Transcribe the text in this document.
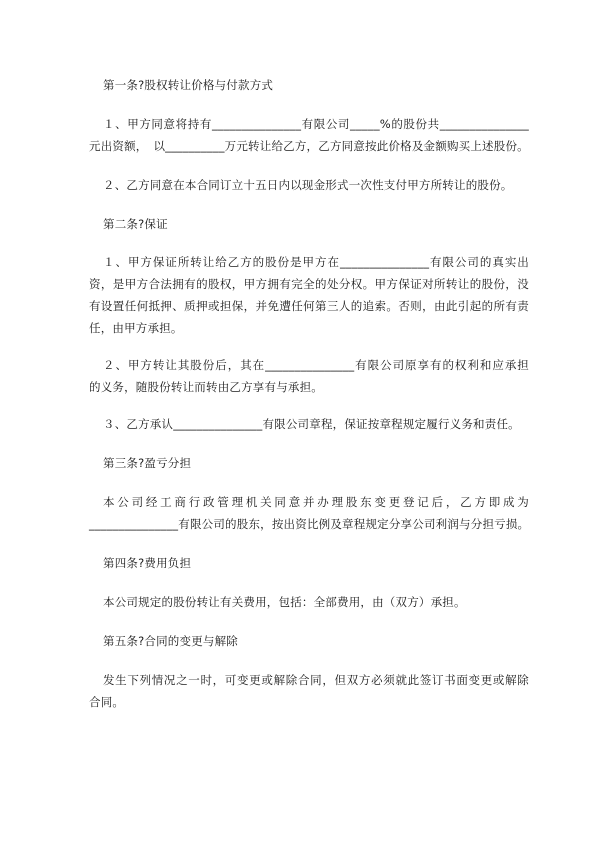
第一条?股权转让价格与付款方式
１、甲方同意将持有_______________有限公司_____%的股份共_______________
元出资额，　以__________万元转让给乙方，乙方同意按此价格及金额购买上述股份。
２、乙方同意在本合同订立十五日内以现金形式一次性支付甲方所转让的股份。
第二条?保证
１、甲方保证所转让给乙方的股份是甲方在_______________有限公司的真实出
资，是甲方合法拥有的股权，甲方拥有完全的处分权。甲方保证对所转让的股份，没
有设置任何抵押、质押或担保，并免遭任何第三人的追索。否则，由此引起的所有责
任，由甲方承担。
２、甲方转让其股份后，其在_______________有限公司原享有的权利和应承担
的义务，随股份转让而转由乙方享有与承担。
３、乙方承认_______________有限公司章程，保证按章程规定履行义务和责任。
第三条?盈亏分担
本公司经工商行政管理机关同意并办理股东变更登记后，乙方即成为
_______________有限公司的股东，按出资比例及章程规定分享公司利润与分担亏损。
第四条?费用负担
本公司规定的股份转让有关费用，包括：全部费用，由（双方）承担。
第五条?合同的变更与解除
发生下列情况之一时，可变更或解除合同，但双方必须就此签订书面变更或解除
合同。
